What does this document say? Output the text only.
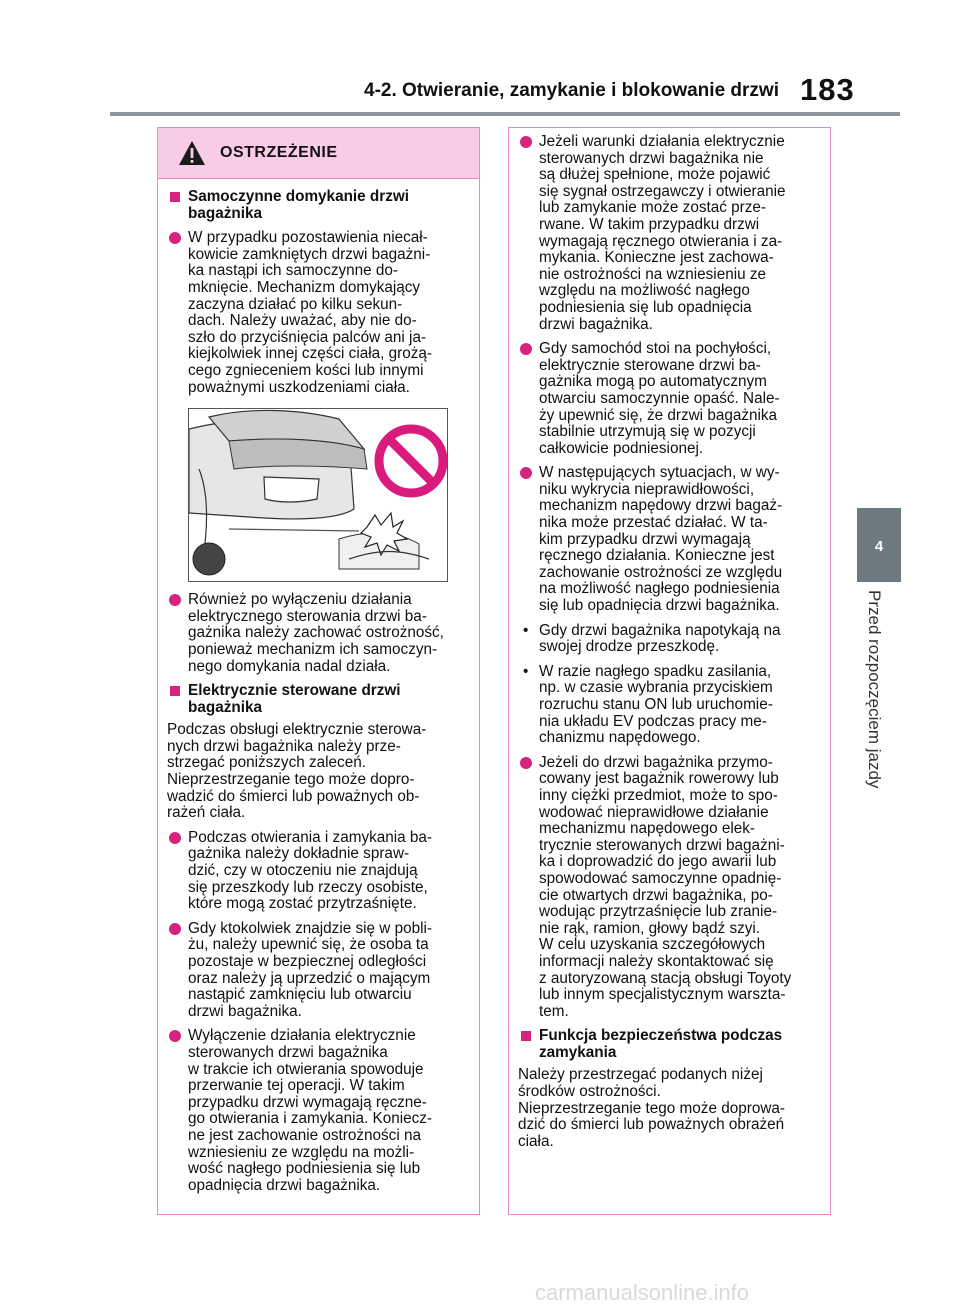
4-2. Otwieranie, zamykanie i blokowanie drzwi 183
4
Przed rozpoczęciem jazdy
OSTRZEŻENIE
Samoczynne domykanie drzwi
bagażnika
W przypadku pozostawienia niecał-
kowicie zamkniętych drzwi bagażni-
ka nastąpi ich samoczynne do-
mknięcie. Mechanizm domykający
zaczyna działać po kilku sekun-
dach. Należy uważać, aby nie do-
szło do przyciśnięcia palców ani ja-
kiejkolwiek innej części ciała, grożą-
cego zgnieceniem kości lub innymi
poważnymi uszkodzeniami ciała.
Również po wyłączeniu działania
elektrycznego sterowania drzwi ba-
gażnika należy zachować ostrożność,
ponieważ mechanizm ich samoczyn-
nego domykania nadal działa.
Elektrycznie sterowane drzwi
bagażnika
Podczas obsługi elektrycznie sterowa-
nych drzwi bagażnika należy prze-
strzegać poniższych zaleceń.
Nieprzestrzeganie tego może dopro-
wadzić do śmierci lub poważnych ob-
rażeń ciała.
Podczas otwierania i zamykania ba-
gażnika należy dokładnie spraw-
dzić, czy w otoczeniu nie znajdują
się przeszkody lub rzeczy osobiste,
które mogą zostać przytrzaśnięte.
Gdy ktokolwiek znajdzie się w pobli-
żu, należy upewnić się, że osoba ta
pozostaje w bezpiecznej odległości
oraz należy ją uprzedzić o mającym
nastąpić zamknięciu lub otwarciu
drzwi bagażnika.
Wyłączenie działania elektrycznie
sterowanych drzwi bagażnika
w trakcie ich otwierania spowoduje
przerwanie tej operacji. W takim
przypadku drzwi wymagają ręczne-
go otwierania i zamykania. Koniecz-
ne jest zachowanie ostrożności na
wzniesieniu ze względu na możli-
wość nagłego podniesienia się lub
opadnięcia drzwi bagażnika.
Jeżeli warunki działania elektrycznie
sterowanych drzwi bagażnika nie
są dłużej spełnione, może pojawić
się sygnał ostrzegawczy i otwieranie
lub zamykanie może zostać prze-
rwane. W takim przypadku drzwi
wymagają ręcznego otwierania i za-
mykania. Konieczne jest zachowa-
nie ostrożności na wzniesieniu ze
względu na możliwość nagłego
podniesienia się lub opadnięcia
drzwi bagażnika.
Gdy samochód stoi na pochyłości,
elektrycznie sterowane drzwi ba-
gażnika mogą po automatycznym
otwarciu samoczynnie opaść. Nale-
ży upewnić się, że drzwi bagażnika
stabilnie utrzymują się w pozycji
całkowicie podniesionej.
W następujących sytuacjach, w wy-
niku wykrycia nieprawidłowości,
mechanizm napędowy drzwi bagaż-
nika może przestać działać. W ta-
kim przypadku drzwi wymagają
ręcznego działania. Konieczne jest
zachowanie ostrożności ze względu
na możliwość nagłego podniesienia
się lub opadnięcia drzwi bagażnika.
• Gdy drzwi bagażnika napotykają na
swojej drodze przeszkodę.
• W razie nagłego spadku zasilania,
np. w czasie wybrania przyciskiem
rozruchu stanu ON lub uruchomie-
nia układu EV podczas pracy me-
chanizmu napędowego.
Jeżeli do drzwi bagażnika przymo-
cowany jest bagażnik rowerowy lub
inny ciężki przedmiot, może to spo-
wodować nieprawidłowe działanie
mechanizmu napędowego elek-
trycznie sterowanych drzwi bagażni-
ka i doprowadzić do jego awarii lub
spowodować samoczynne opadnię-
cie otwartych drzwi bagażnika, po-
wodując przytrzaśnięcie lub zranie-
nie rąk, ramion, głowy bądź szyi.
W celu uzyskania szczegółowych
informacji należy skontaktować się
z autoryzowaną stacją obsługi Toyoty
lub innym specjalistycznym warszta-
tem.
Funkcja bezpieczeństwa podczas
zamykania
Należy przestrzegać podanych niżej
środków ostrożności.
Nieprzestrzeganie tego może doprowa-
dzić do śmierci lub poważnych obrażeń
ciała.
carmanualsonline.info
